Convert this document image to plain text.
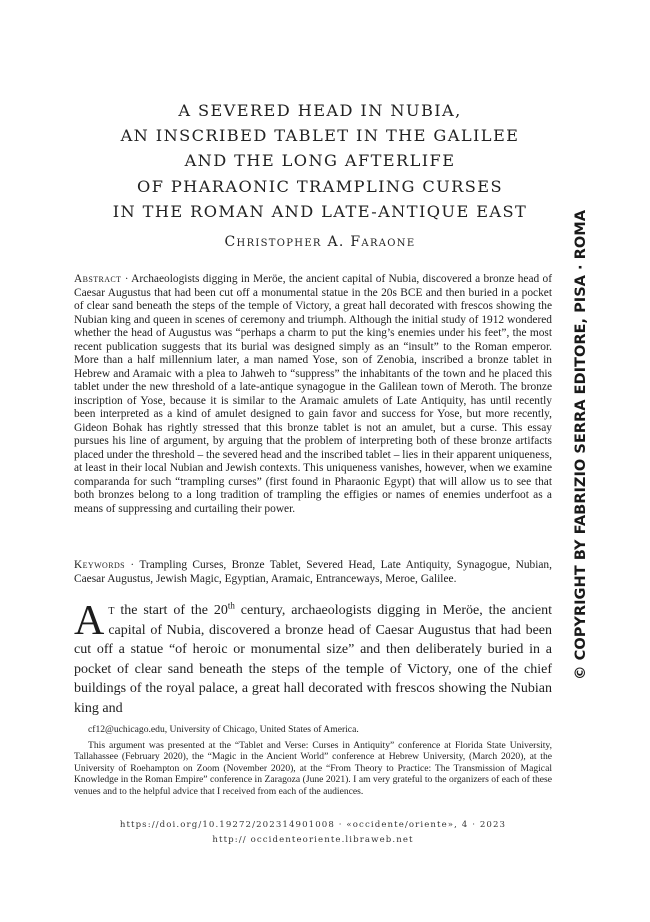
A SEVERED HEAD IN NUBIA,
AN INSCRIBED TABLET IN THE GALILEE
AND THE LONG AFTERLIFE
OF PHARAONIC TRAMPLING CURSES
IN THE ROMAN AND LATE-ANTIQUE EAST
Christopher A. Faraone

Abstract · Archaeologists digging in Meröe, the ancient capital of Nubia, discovered a bronze head of Caesar Augustus that had been cut off a monumental statue in the 20s BCE and then buried in a pocket of clear sand beneath the steps of the temple of Victory, a great hall decorated with frescos showing the Nubian king and queen in scenes of ceremony and triumph. Although the initial study of 1912 wondered whether the head of Augustus was “perhaps a charm to put the king’s enemies under his feet”, the most recent publication suggests that its burial was designed simply as an “insult” to the Roman emperor. More than a half millennium later, a man named Yose, son of Zenobia, inscribed a bronze tablet in Hebrew and Aramaic with a plea to Jahweh to “suppress” the inhabitants of the town and he placed this tablet under the new threshold of a late-antique synagogue in the Galilean town of Meroth. The bronze inscription of Yose, because it is similar to the Aramaic amulets of Late Antiquity, has until recently been interpreted as a kind of amulet designed to gain favor and success for Yose, but more recently, Gideon Bohak has rightly stressed that this bronze tablet is not an amulet, but a curse. This essay pursues his line of argument, by arguing that the problem of interpreting both of these bronze artifacts placed under the threshold – the severed head and the inscribed tablet – lies in their apparent uniqueness, at least in their local Nubian and Jewish contexts. This uniqueness vanishes, however, when we examine comparanda for such “trampling curses” (first found in Pharaonic Egypt) that will allow us to see that both bronzes belong to a long tradition of trampling the effigies or names of enemies underfoot as a means of suppressing and curtailing their power.

Keywords · Trampling Curses, Bronze Tablet, Severed Head, Late Antiquity, Synagogue, Nubian, Caesar Augustus, Jewish Magic, Egyptian, Aramaic, Entranceways, Meroe, Galilee.

At the start of the 20th century, archaeologists digging in Meröe, the ancient capital of Nubia, discovered a bronze head of Caesar Augustus that had been cut off a statue “of heroic or monumental size” and then deliberately buried in a pocket of clear sand beneath the steps of the temple of Victory, one of the chief buildings of the royal palace, a great hall decorated with frescos showing the Nubian king and

cf12@uchicago.edu, University of Chicago, United States of America.

This argument was presented at the “Tablet and Verse: Curses in Antiquity” conference at Florida State University, Tallahassee (February 2020), the “Magic in the Ancient World” conference at Hebrew University, (March 2020), at the University of Roehampton on Zoom (November 2020), at the “From Theory to Practice: The Transmission of Magical Knowledge in the Roman Empire” conference in Zaragoza (June 2021). I am very grateful to the organizers of each of these venues and to the helpful advice that I received from each of the audiences.

https://doi.org/10.19272/202314901008 · «occidente/oriente», 4 · 2023
http:// occidenteoriente.libraweb.net
© COPYRIGHT BY FABRIZIO SERRA EDITORE, PISA · ROMA
